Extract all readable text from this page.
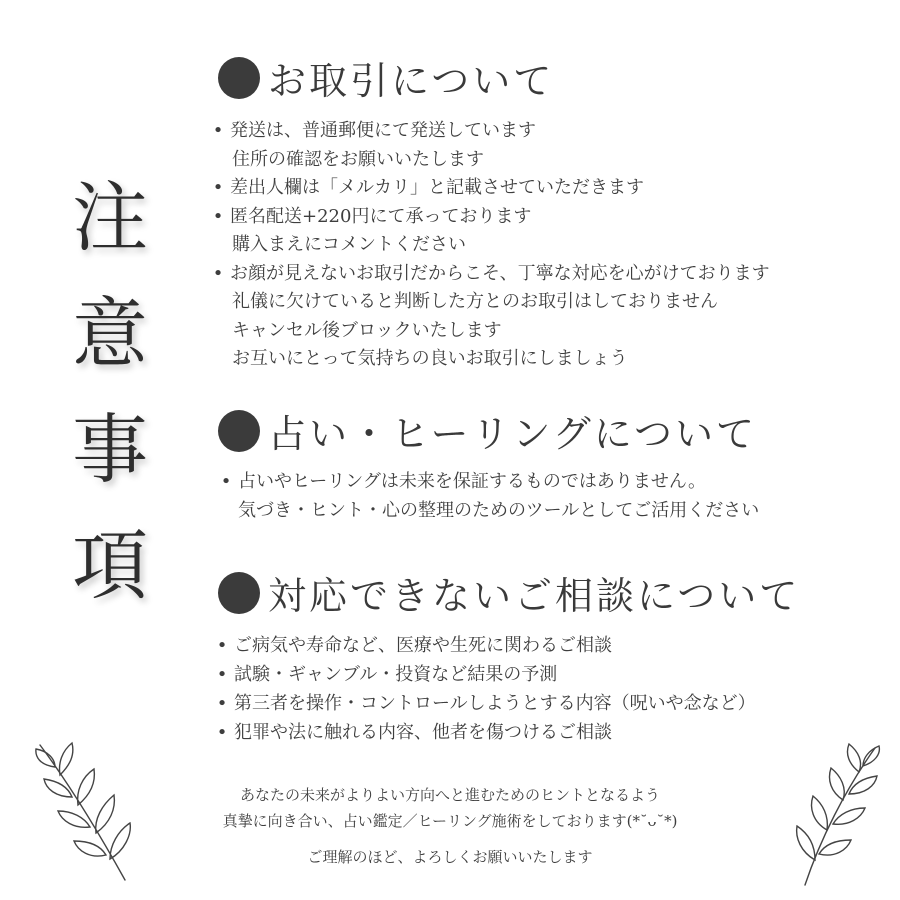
注
意
事
項
お取引について
• 発送は、普通郵便にて発送しています
住所の確認をお願いいたします
• 差出人欄は「メルカリ」と記載させていただきます
• 匿名配送+220円にて承っております
購入まえにコメントください
• お顔が見えないお取引だからこそ、丁寧な対応を心がけております
礼儀に欠けていると判断した方とのお取引はしておりません
キャンセル後ブロックいたします
お互いにとって気持ちの良いお取引にしましょう
占い・ヒーリングについて
• 占いやヒーリングは未来を保証するものではありません。
気づき・ヒント・心の整理のためのツールとしてご活用ください
対応できないご相談について
• ご病気や寿命など、医療や生死に関わるご相談
• 試験・ギャンブル・投資など結果の予測
• 第三者を操作・コントロールしようとする内容（呪いや念など）
• 犯罪や法に触れる内容、他者を傷つけるご相談
あなたの未来がよりよい方向へと進むためのヒントとなるよう
真摯に向き合い、占い鑑定／ヒーリング施術をしております(*˘ᴗ˘*)
ご理解のほど、よろしくお願いいたします
